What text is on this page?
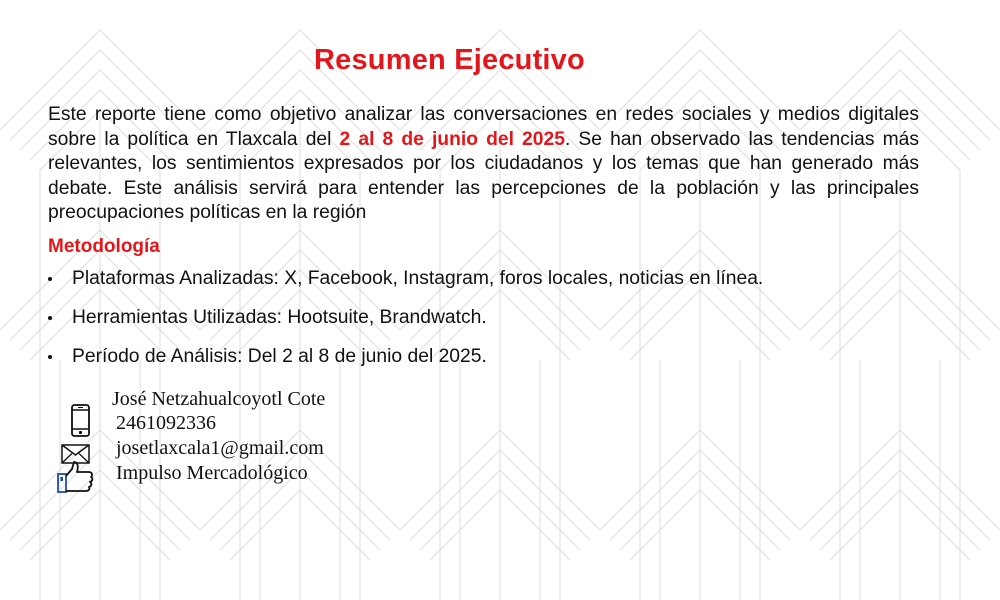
Resumen Ejecutivo
Este reporte tiene como objetivo analizar las conversaciones en redes sociales y medios digitales sobre la política en Tlaxcala del 2 al 8 de junio del 2025. Se han observado las tendencias más relevantes, los sentimientos expresados por los ciudadanos y los temas que han generado más debate. Este análisis servirá para entender las percepciones de la población y las principales preocupaciones políticas en la región
Metodología
Plataformas Analizadas: X, Facebook, Instagram, foros locales, noticias en línea.
Herramientas Utilizadas: Hootsuite, Brandwatch.
Período de Análisis: Del 2 al 8 de junio del 2025.
José Netzahualcoyotl Cote
2461092336
josetlaxcala1@gmail.com
Impulso Mercadológico
